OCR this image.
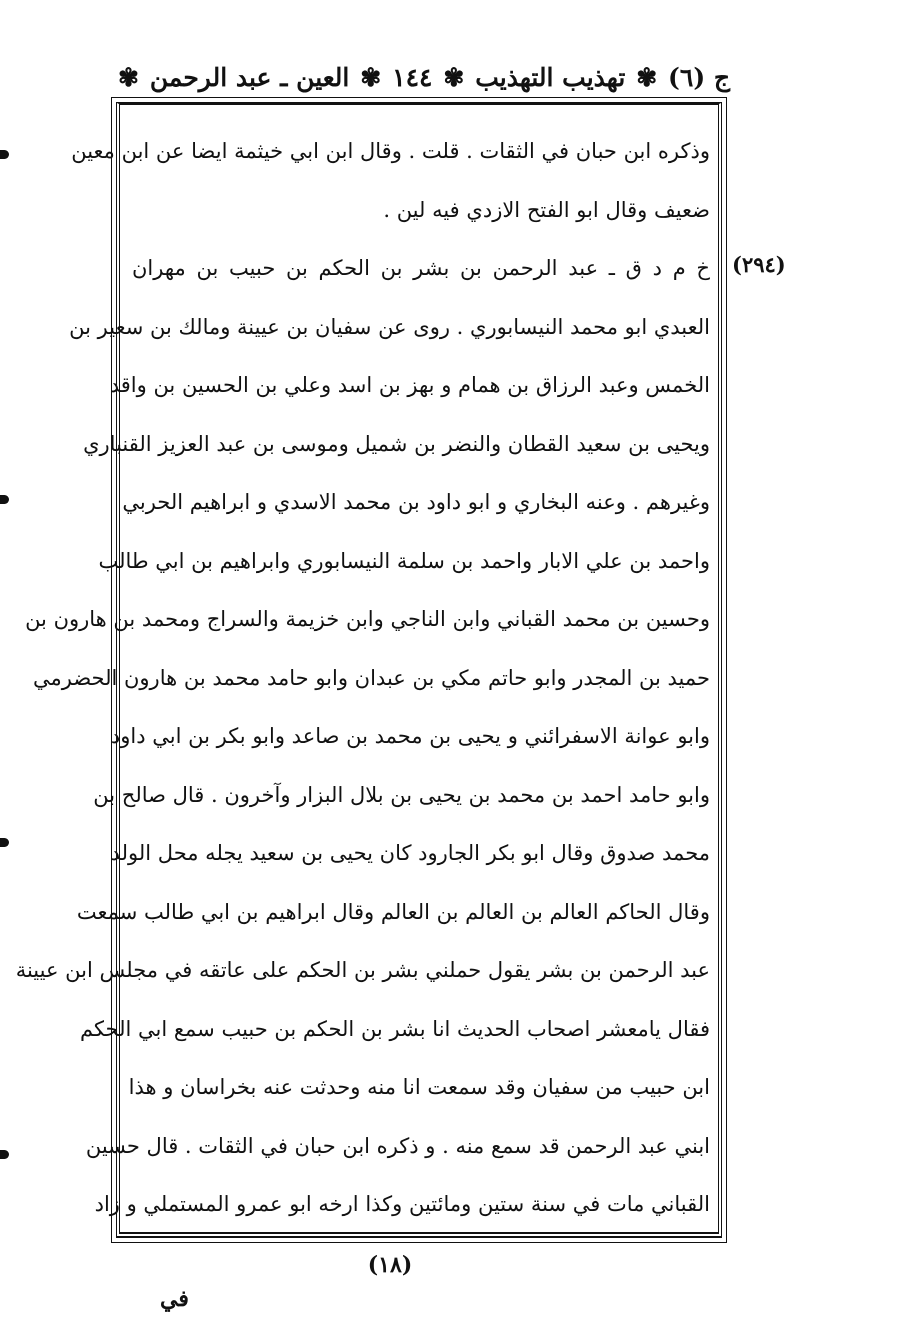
ج (٦)
✾
تهذيب التهذيب
✾
١٤٤
✾
العين ـ عبد الرحمن
✾
(٢٩٤)
وذكره ابن حبان في الثقات . قلت . وقال ابن ابي خيثمة ايضا عن ابن معين
ضعيف وقال ابو الفتح الازدي فيه لين .
خ م د ق ـ عبد الرحمن بن بشر بن الحكم بن حبيب بن مهران
العبدي ابو محمد النيسابوري . روى عن سفيان بن عيينة ومالك بن سعير بن
الخمس وعبد الرزاق بن همام و بهز بن اسد وعلي بن الحسين بن واقد
ويحيى بن سعيد القطان والنضر بن شميل وموسى بن عبد العزيز القنباري
وغيرهم . وعنه البخاري و ابو داود بن محمد الاسدي و ابراهيم الحربي
واحمد بن علي الابار واحمد بن سلمة النيسابوري وابراهيم بن ابي طالب
وحسين بن محمد القباني وابن الناجي وابن خزيمة والسراج ومحمد بن هارون بن
حميد بن المجدر وابو حاتم مكي بن عبدان وابو حامد محمد بن هارون الحضرمي
وابو عوانة الاسفرائني و يحيى بن محمد بن صاعد وابو بكر بن ابي داود
وابو حامد احمد بن محمد بن يحيى بن بلال البزار وآخرون . قال صالح بن
محمد صدوق وقال ابو بكر الجارود كان يحيى بن سعيد يجله محل الولد
وقال الحاكم العالم بن العالم بن العالم وقال ابراهيم بن ابي طالب سمعت
عبد الرحمن بن بشر يقول حملني بشر بن الحكم على عاتقه في مجلس ابن عيينة
فقال يامعشر اصحاب الحديث انا بشر بن الحكم بن حبيب سمع ابي الحكم
ابن حبيب من سفيان وقد سمعت انا منه وحدثت عنه بخراسان و هذا
ابني عبد الرحمن قد سمع منه . و ذكره ابن حبان في الثقات . قال حسين
القباني مات في سنة ستين ومائتين وكذا ارخه ابو عمرو المستملي و زاد
(١٨)
في
